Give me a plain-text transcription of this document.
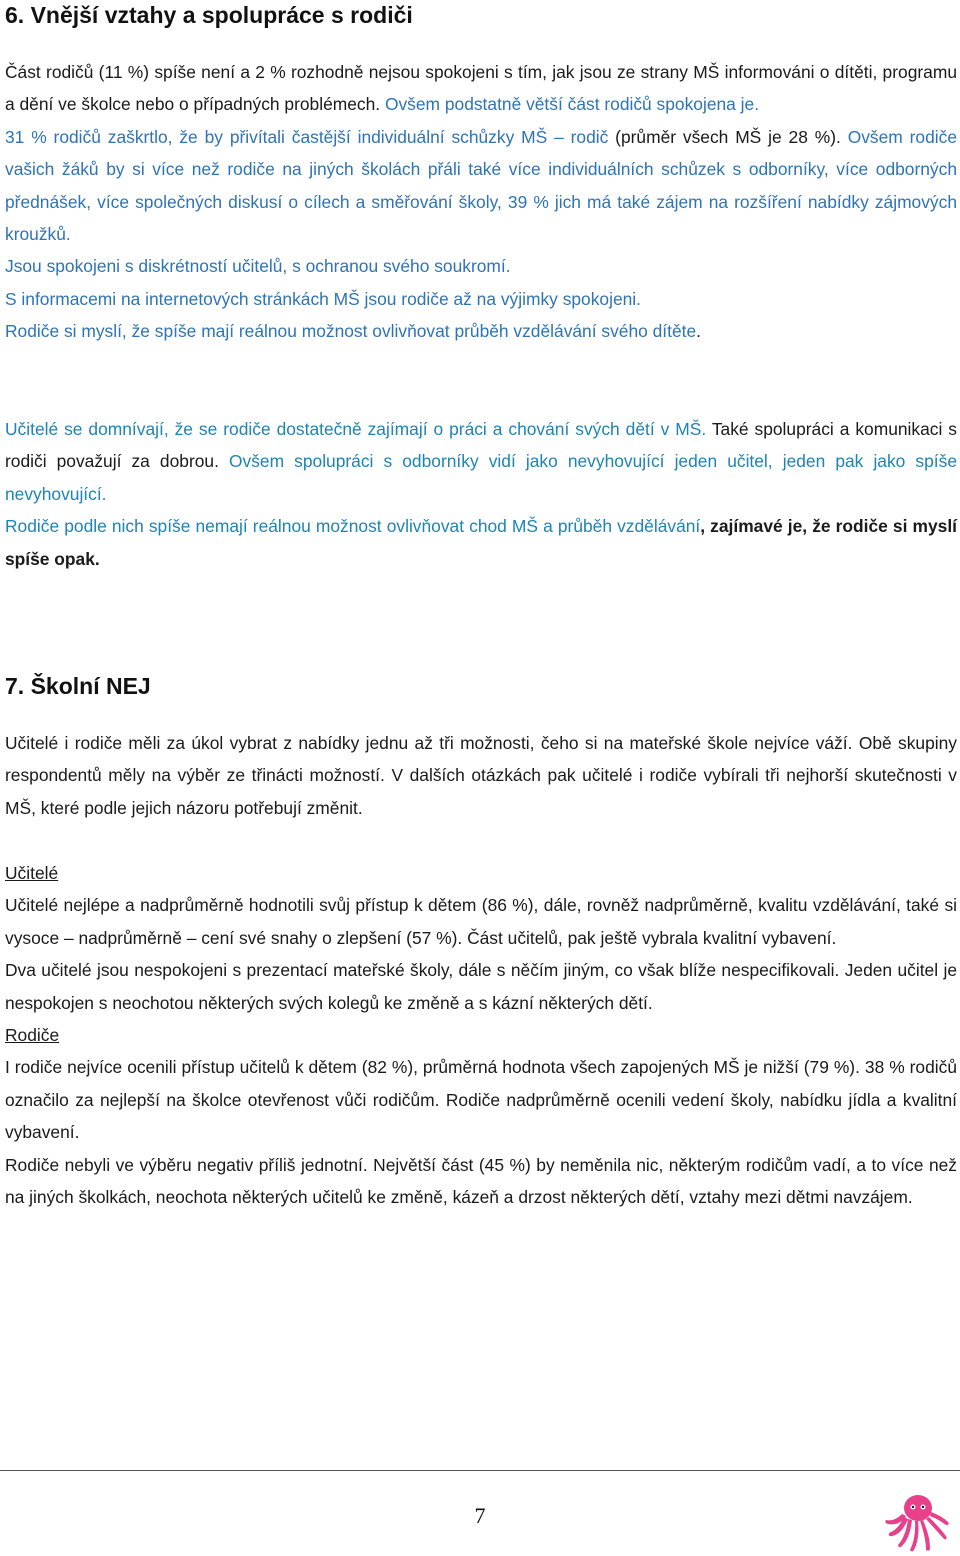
6. Vnější vztahy a spolupráce s rodiči

Část rodičů (11 %) spíše není a 2 % rozhodně nejsou spokojeni s tím, jak jsou ze strany MŠ informováni o dítěti, programu a dění ve školce nebo o případných problémech. Ovšem podstatně větší část rodičů spokojena je.

31 % rodičů zaškrtlo, že by přivítali častější individuální schůzky MŠ – rodič (průměr všech MŠ je 28 %). Ovšem rodiče vašich žáků by si více než rodiče na jiných školách přáli také více individuálních schůzek s odborníky, více odborných přednášek, více společných diskusí o cílech a směřování školy, 39 % jich má také zájem na rozšíření nabídky zájmových kroužků.

Jsou spokojeni s diskrétností učitelů, s ochranou svého soukromí.

S informacemi na internetových stránkách MŠ jsou rodiče až na výjimky spokojeni.

Rodiče si myslí, že spíše mají reálnou možnost ovlivňovat průběh vzdělávání svého dítěte.

Učitelé se domnívají, že se rodiče dostatečně zajímají o práci a chování svých dětí v MŠ. Také spolupráci a komunikaci s rodiči považují za dobrou. Ovšem spolupráci s odborníky vidí jako nevyhovující jeden učitel, jeden pak jako spíše nevyhovující.

Rodiče podle nich spíše nemají reálnou možnost ovlivňovat chod MŠ a průběh vzdělávání, zajímavé je, že rodiče si myslí spíše opak.

7. Školní NEJ

Učitelé i rodiče měli za úkol vybrat z nabídky jednu až tři možnosti, čeho si na mateřské škole nejvíce váží. Obě skupiny respondentů měly na výběr ze třinácti možností. V dalších otázkách pak učitelé i rodiče vybírali tři nejhorší skutečnosti v MŠ, které podle jejich názoru potřebují změnit.

Učitelé

Učitelé nejlépe a nadprůměrně hodnotili svůj přístup k dětem (86 %), dále, rovněž nadprůměrně, kvalitu vzdělávání, také si vysoce – nadprůměrně – cení své snahy o zlepšení (57 %). Část učitelů, pak ještě vybrala kvalitní vybavení.

Dva učitelé jsou nespokojeni s prezentací mateřské školy, dále s něčím jiným, co však blíže nespecifikovali. Jeden učitel je nespokojen s neochotou některých svých kolegů ke změně a s kázní některých dětí.

Rodiče

I rodiče nejvíce ocenili přístup učitelů k dětem (82 %), průměrná hodnota všech zapojených MŠ je nižší (79 %). 38 % rodičů označilo za nejlepší na školce otevřenost vůči rodičům. Rodiče nadprůměrně ocenili vedení školy, nabídku jídla a kvalitní vybavení.

Rodiče nebyli ve výběru negativ příliš jednotní. Největší část (45 %) by neměnila nic, některým rodičům vadí, a to více než na jiných školkách, neochota některých učitelů ke změně, kázeň a drzost některých dětí, vztahy mezi dětmi navzájem.

7
